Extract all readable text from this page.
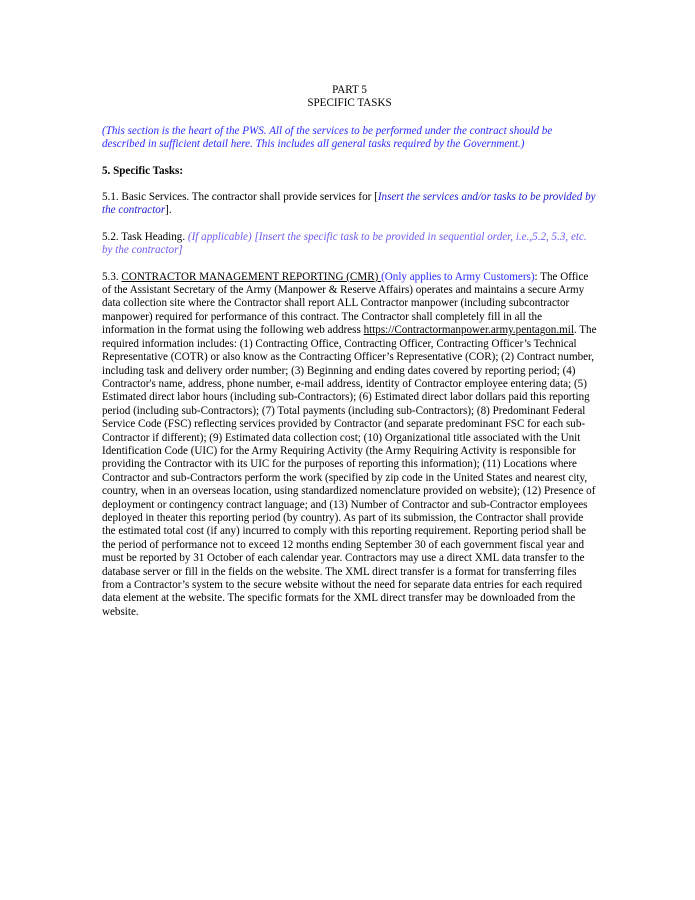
PART 5

SPECIFIC TASKS

(This section is the heart of the PWS. All of the services to be performed under the contract should be described in sufficient detail here. This includes all general tasks required by the Government.)

5. Specific Tasks:

5.1. Basic Services. The contractor shall provide services for [Insert the services and/or tasks to be provided by the contractor].

5.2. Task Heading. (If applicable) [Insert the specific task to be provided in sequential order, i.e.,5.2, 5.3, etc. by the contractor]

5.3. CONTRACTOR MANAGEMENT REPORTING (CMR) (Only applies to Army Customers): The Office of the Assistant Secretary of the Army (Manpower & Reserve Affairs) operates and maintains a secure Army data collection site where the Contractor shall report ALL Contractor manpower (including subcontractor manpower) required for performance of this contract. The Contractor shall completely fill in all the information in the format using the following web address https://Contractormanpower.army.pentagon.mil. The required information includes: (1) Contracting Office, Contracting Officer, Contracting Officer’s Technical Representative (COTR) or also know as the Contracting Officer’s Representative (COR); (2) Contract number, including task and delivery order number; (3) Beginning and ending dates covered by reporting period; (4) Contractor's name, address, phone number, e-mail address, identity of Contractor employee entering data; (5) Estimated direct labor hours (including sub-Contractors); (6) Estimated direct labor dollars paid this reporting period (including sub-Contractors); (7) Total payments (including sub-Contractors); (8) Predominant Federal Service Code (FSC) reflecting services provided by Contractor (and separate predominant FSC for each sub-Contractor if different); (9) Estimated data collection cost; (10) Organizational title associated with the Unit Identification Code (UIC) for the Army Requiring Activity (the Army Requiring Activity is responsible for providing the Contractor with its UIC for the purposes of reporting this information); (11) Locations where Contractor and sub-Contractors perform the work (specified by zip code in the United States and nearest city, country, when in an overseas location, using standardized nomenclature provided on website); (12) Presence of deployment or contingency contract language; and (13) Number of Contractor and sub-Contractor employees deployed in theater this reporting period (by country). As part of its submission, the Contractor shall provide the estimated total cost (if any) incurred to comply with this reporting requirement. Reporting period shall be the period of performance not to exceed 12 months ending September 30 of each government fiscal year and must be reported by 31 October of each calendar year. Contractors may use a direct XML data transfer to the database server or fill in the fields on the website. The XML direct transfer is a format for transferring files from a Contractor’s system to the secure website without the need for separate data entries for each required data element at the website. The specific formats for the XML direct transfer may be downloaded from the website.
